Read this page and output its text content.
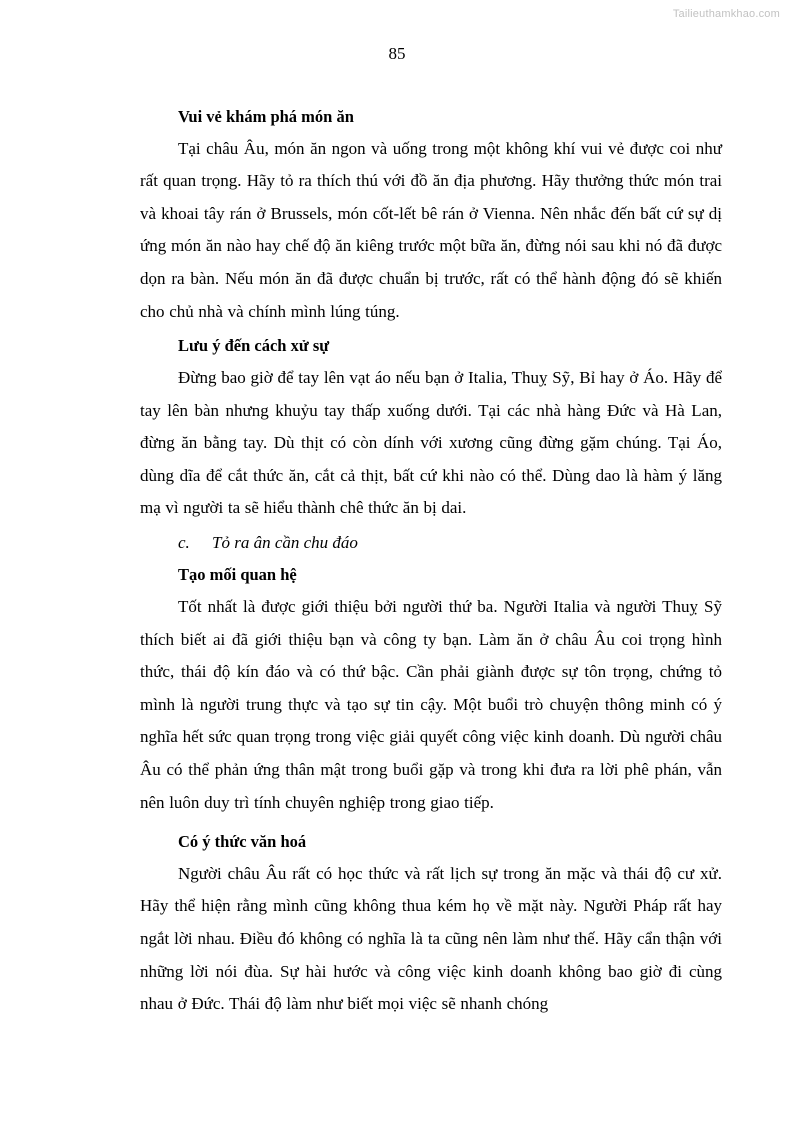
Tailieuthamkhao.com
85
Vui vẻ khám phá món ăn

Tại châu Âu, món ăn ngon và uống trong một không khí vui vẻ được coi như rất quan trọng. Hãy tỏ ra thích thú với đồ ăn địa phương. Hãy thưởng thức món trai và khoai tây rán ở Brussels, món cốt-lết bê rán ở Vienna. Nên nhắc đến bất cứ sự dị ứng món ăn nào hay chế độ ăn kiêng trước một bữa ăn, đừng nói sau khi nó đã được dọn ra bàn. Nếu món ăn đã được chuẩn bị trước, rất có thể hành động đó sẽ khiến cho chủ nhà và chính mình lúng túng.

Lưu ý đến cách xử sự

Đừng bao giờ để tay lên vạt áo nếu bạn ở Italia, Thuỵ Sỹ, Bỉ hay ở Áo. Hãy để tay lên bàn nhưng khuỷu tay thấp xuống dưới. Tại các nhà hàng Đức và Hà Lan, đừng ăn bằng tay. Dù thịt có còn dính với xương cũng đừng gặm chúng. Tại Áo, dùng dĩa để cắt thức ăn, cắt cả thịt, bất cứ khi nào có thể. Dùng dao là hàm ý lăng mạ vì người ta sẽ hiểu thành chê thức ăn bị dai.

c. Tỏ ra ân cần chu đáo
Tạo mối quan hệ

Tốt nhất là được giới thiệu bởi người thứ ba. Người Italia và người Thuỵ Sỹ thích biết ai đã giới thiệu bạn và công ty bạn. Làm ăn ở châu Âu coi trọng hình thức, thái độ kín đáo và có thứ bậc. Cần phải giành được sự tôn trọng, chứng tỏ mình là người trung thực và tạo sự tin cậy. Một buổi trò chuyện thông minh có ý nghĩa hết sức quan trọng trong việc giải quyết công việc kinh doanh. Dù người châu Âu có thể phản ứng thân mật trong buổi gặp và trong khi đưa ra lời phê phán, vẫn nên luôn duy trì tính chuyên nghiệp trong giao tiếp.

Có ý thức văn hoá

Người châu Âu rất có học thức và rất lịch sự trong ăn mặc và thái độ cư xử. Hãy thể hiện rằng mình cũng không thua kém họ về mặt này. Người Pháp rất hay ngắt lời nhau. Điều đó không có nghĩa là ta cũng nên làm như thế. Hãy cẩn thận với những lời nói đùa. Sự hài hước và công việc kinh doanh không bao giờ đi cùng nhau ở Đức. Thái độ làm như biết mọi việc sẽ nhanh chóng
